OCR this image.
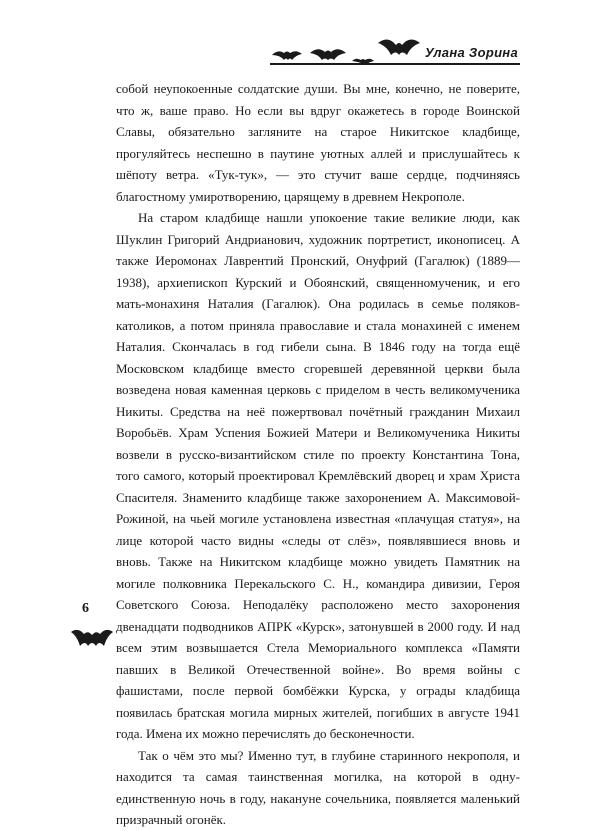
Улана Зорина

собой неупокоенные солдатские души. Вы мне, конечно, не поверите, что ж, ваше право. Но если вы вдруг окажетесь в городе Воинской Славы, обязательно загляните на старое Никитское кладбище, прогуляйтесь неспешно в паутине уютных аллей и прислушайтесь к шёпоту ветра. «Тук-тук», — это стучит ваше сердце, подчиняясь благостному умиротворению, царящему в древнем Некрополе.

На старом кладбище нашли упокоение такие великие люди, как Шуклин Григорий Андрианович, художник портретист, иконописец. А также Иеромонах Лаврентий Пронский, Онуфрий (Гагалюк) (1889—1938), архиепископ Курский и Обоянский, священномученик, и его мать-монахиня Наталия (Гагалюк). Она родилась в семье поляков-католиков, а потом приняла православие и стала монахиней с именем Наталия. Скончалась в год гибели сына. В 1846 году на тогда ещё Московском кладбище вместо сгоревшей деревянной церкви была возведена новая каменная церковь с приделом в честь великомученика Никиты. Средства на неё пожертвовал почётный гражданин Михаил Воробьёв. Храм Успения Божией Матери и Великомученика Никиты возвели в русско-византийском стиле по проекту Константина Тона, того самого, который проектировал Кремлёвский дворец и храм Христа Спасителя. Знаменито кладбище также захоронением А. Максимовой-Рожиной, на чьей могиле установлена известная «плачущая статуя», на лице которой часто видны «следы от слёз», появлявшиеся вновь и вновь. Также на Никитском кладбище можно увидеть Памятник на могиле полковника Перекальского С. Н., командира дивизии, Героя Советского Союза. Неподалёку расположено место захоронения двенадцати подводников АПРК «Курск», затонувшей в 2000 году. И над всем этим возвышается Стела Мемориального комплекса «Памяти павших в Великой Отечественной войне». Во время войны с фашистами, после первой бомбёжки Курска, у ограды кладбища появилась братская могила мирных жителей, погибших в августе 1941 года. Имена их можно перечислять до бесконечности.

Так о чём это мы? Именно тут, в глубине старинного некрополя, и находится та самая таинственная могилка, на которой в одну-единственную ночь в году, накануне сочельника, появляется маленький призрачный огонёк.

6
